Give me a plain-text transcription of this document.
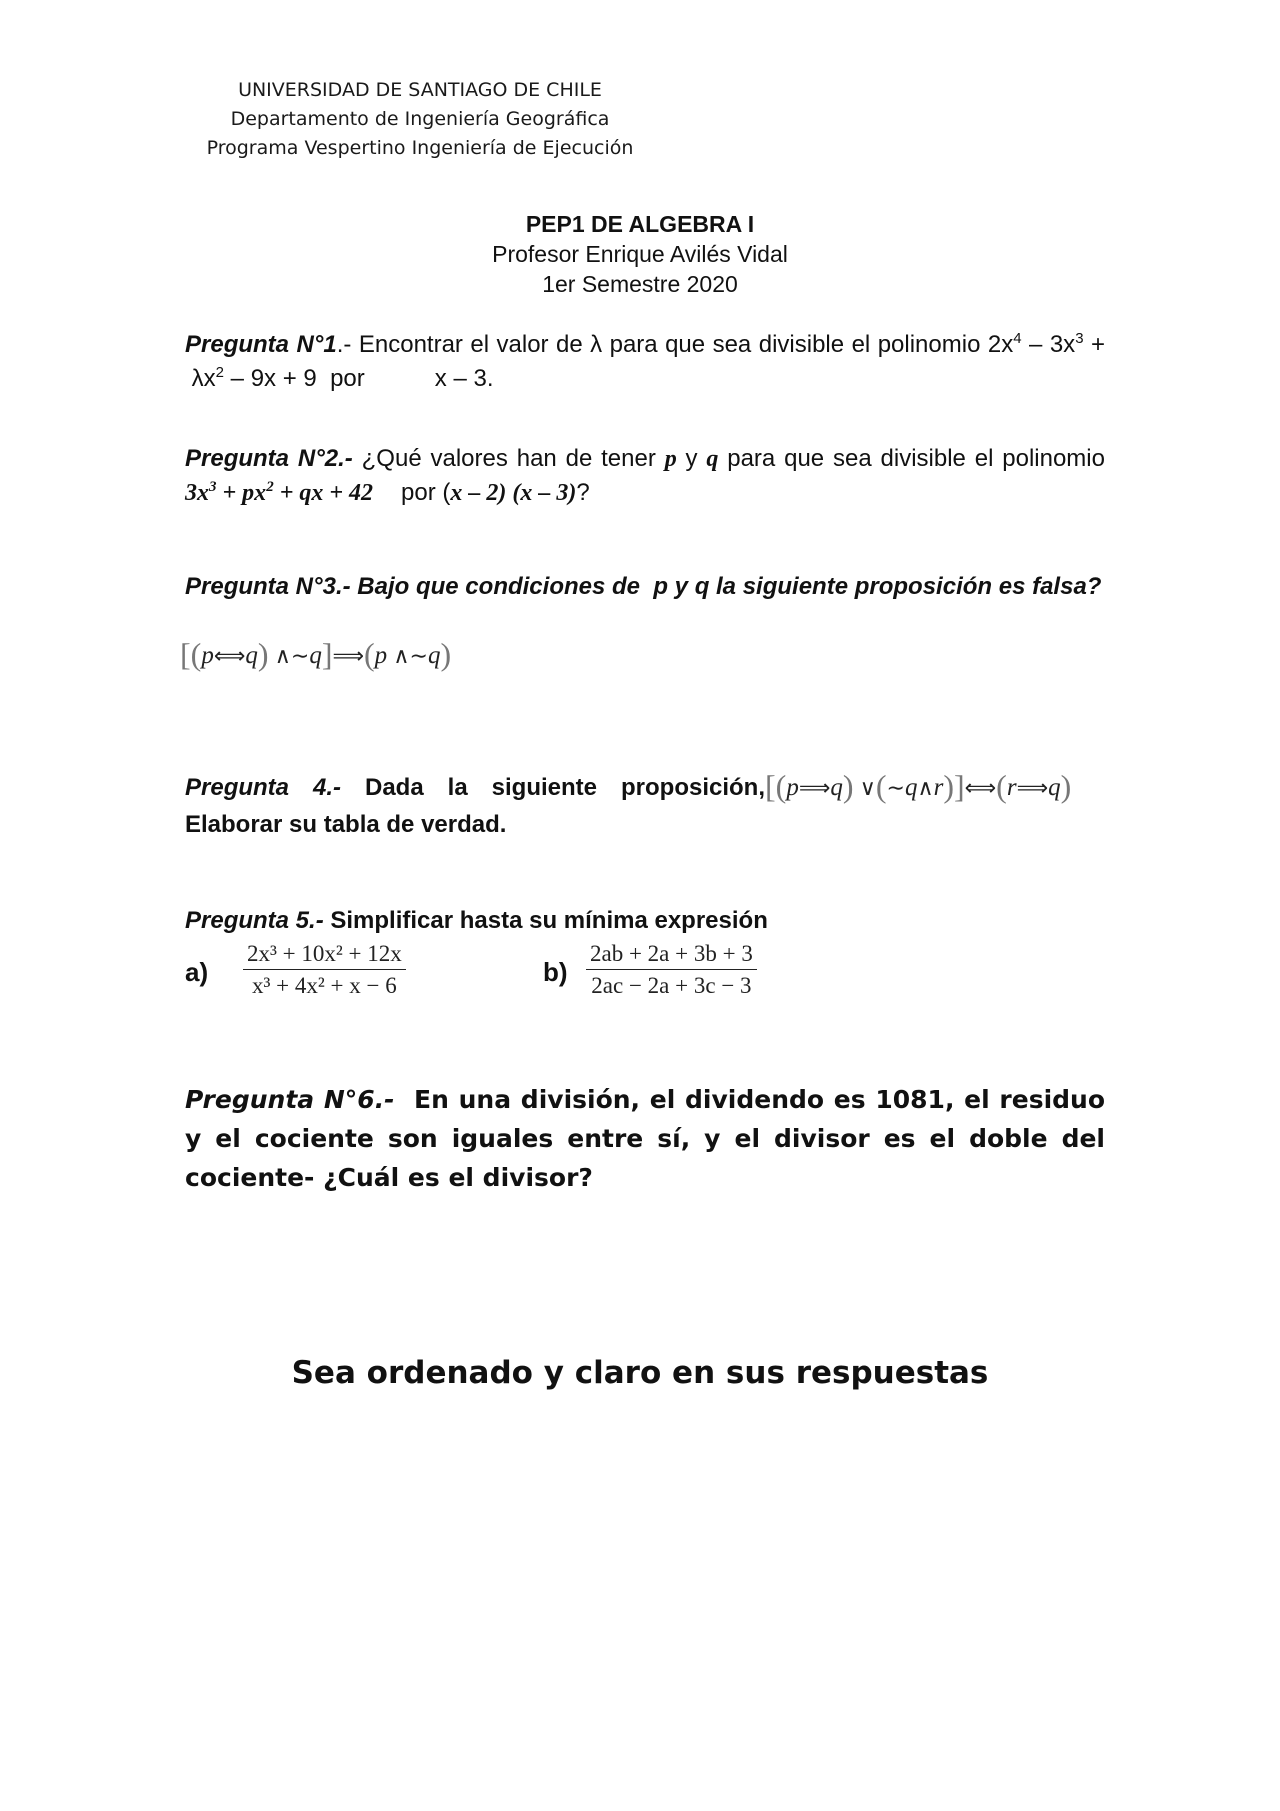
UNIVERSIDAD DE SANTIAGO DE CHILE
Departamento de Ingeniería Geográfica
Programa Vespertino Ingeniería de Ejecución
PEP1 DE ALGEBRA I
Profesor Enrique Avilés Vidal
1er Semestre 2020
Pregunta N°1.- Encontrar el valor de λ para que sea divisible el polinomio $2x^4 - 3x^3 + \lambda x^2 - 9x + 9$  por	x – 3.
Pregunta N°2.- ¿Qué valores han de tener p y q para que sea divisible el polinomio $3x^3 + px^2$ + qx + 42 por (x – 2) (x – 3)?
Pregunta N°3.- Bajo que condiciones de  p y q la siguiente proposición es falsa?
[(p⟺q) ∧∼q]⟹(p ∧∼q)
Pregunta 4.- Dada la siguiente proposición, [(p⟹q) ∨(∼q∧r)]⟺(r⟹q)
Elaborar su tabla de verdad.
Pregunta 5.- Simplificar hasta su mínima expresión
$a) \frac{\text{2x³ + 10x² + 12x}}{\text{x³ + 4x² + x − 6}}$	$b) \frac{2ab + 2a + 3b + 3}{2ac - 2a + 3c - 3}$
Pregunta N°6.-  En una división, el dividendo es 1081, el residuo y el cociente son iguales entre sí, y el divisor es el doble del cociente- ¿Cuál es el divisor?
Sea ordenado y claro en sus respuestas
